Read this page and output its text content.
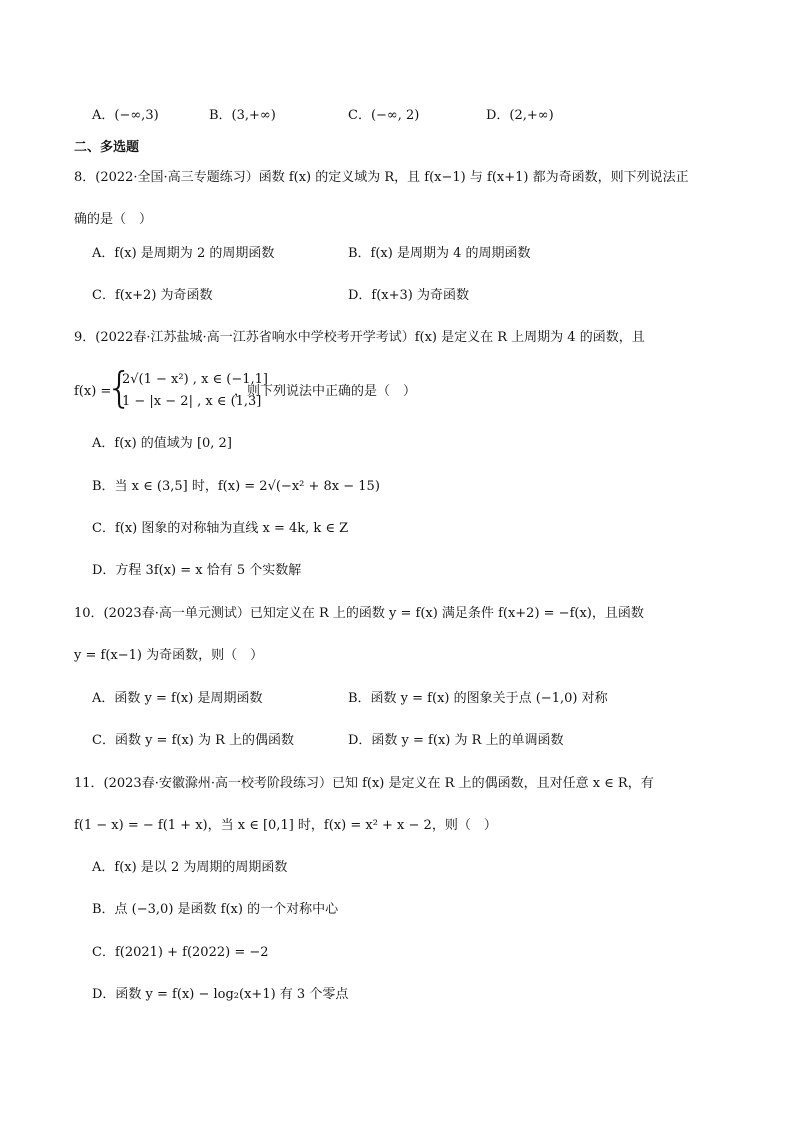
A．(−∞,3)	B．(3,+∞)	C．(−∞, 2)	D．(2,+∞)
二、多选题
8．(2022·全国·高三专题练习）函数 f(x) 的定义域为 R，且 f(x−1) 与 f(x+1) 都为奇函数，则下列说法正
确的是（　）
A．f(x) 是周期为 2 的周期函数	B．f(x) 是周期为 4 的周期函数
C．f(x+2) 为奇函数	D．f(x+3) 为奇函数
9．(2022春·江苏盐城·高一江苏省响水中学校考开学考试）f(x) 是定义在 R 上周期为 4 的函数，且
f(x) =
{
2√(1 − x²) , x ∈ (−1,1]
1 − |x − 2| , x ∈ (1,3]
，则下列说法中正确的是（　）
A．f(x) 的值域为 [0, 2]
B．当 x ∈ (3,5] 时，f(x) = 2√(−x² + 8x − 15)
C．f(x) 图象的对称轴为直线 x = 4k, k ∈ Z
D．方程 3f(x) = x 恰有 5 个实数解
10．(2023春·高一单元测试）已知定义在 R 上的函数 y = f(x) 满足条件 f(x+2) = −f(x)，且函数
y = f(x−1) 为奇函数，则（　）
A．函数 y = f(x) 是周期函数	B．函数 y = f(x) 的图象关于点 (−1,0) 对称
C．函数 y = f(x) 为 R 上的偶函数	D．函数 y = f(x) 为 R 上的单调函数
11．(2023春·安徽滁州·高一校考阶段练习）已知 f(x) 是定义在 R 上的偶函数，且对任意 x ∈ R，有
f(1 − x) = − f(1 + x)，当 x ∈ [0,1] 时，f(x) = x² + x − 2，则（　）
A．f(x) 是以 2 为周期的周期函数
B．点 (−3,0) 是函数 f(x) 的一个对称中心
C．f(2021) + f(2022) = −2
D．函数 y = f(x) − log₂(x+1) 有 3 个零点
